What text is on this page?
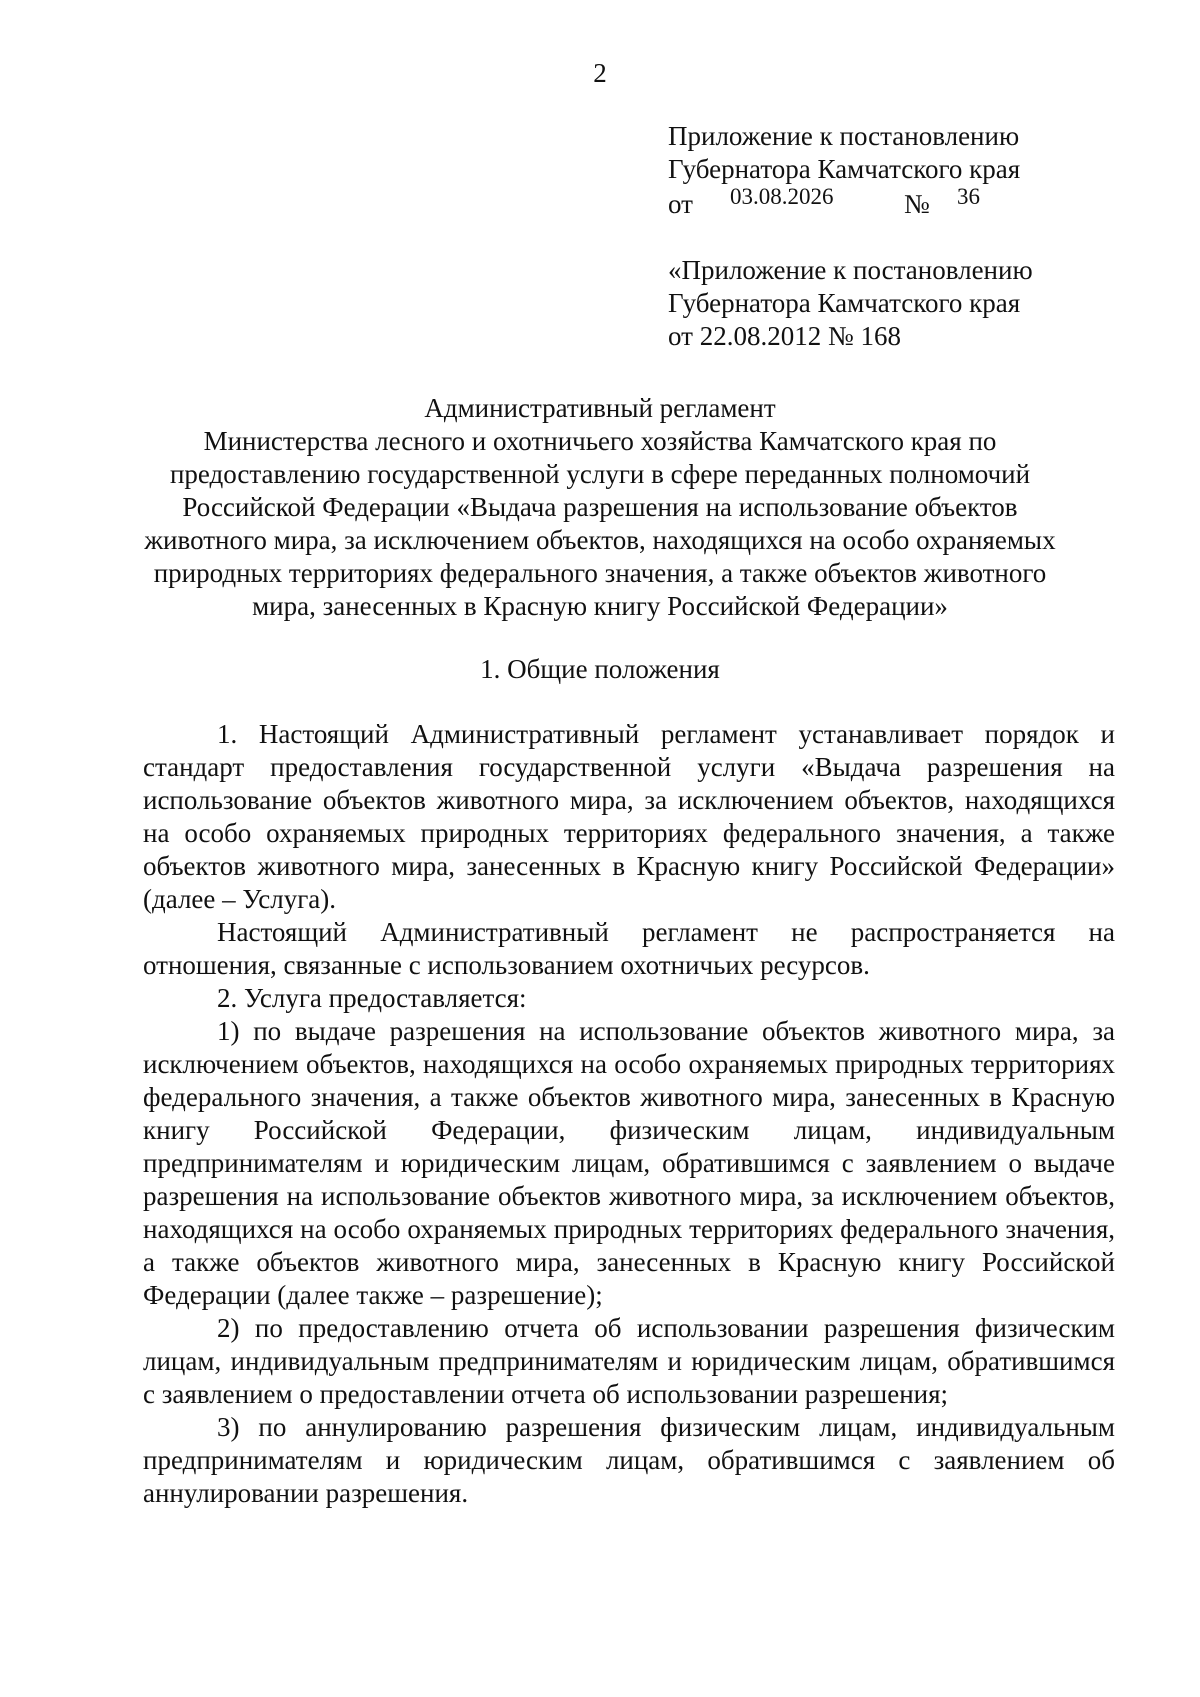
2
Приложение к постановлению
Губернатора Камчатского края
от 03.08.2026	№ 36
«Приложение к постановлению
Губернатора Камчатского края
от 22.08.2012 № 168
Административный регламент
Министерства лесного и охотничьего хозяйства Камчатского края по
предоставлению государственной услуги в сфере переданных полномочий
Российской Федерации «Выдача разрешения на использование объектов
животного мира, за исключением объектов, находящихся на особо охраняемых
природных территориях федерального значения, а также объектов животного
мира, занесенных в Красную книгу Российской Федерации»
1. Общие положения

1. Настоящий Административный регламент устанавливает порядок и стандарт предоставления государственной услуги «Выдача разрешения на использование объектов животного мира, за исключением объектов, находящихся на особо охраняемых природных территориях федерального значения, а также объектов животного мира, занесенных в Красную книгу Российской Федерации» (далее – Услуга).

Настоящий Административный регламент не распространяется на отношения, связанные с использованием охотничьих ресурсов.

2. Услуга предоставляется:

1) по выдаче разрешения на использование объектов животного мира, за исключением объектов, находящихся на особо охраняемых природных территориях федерального значения, а также объектов животного мира, занесенных в Красную книгу Российской Федерации, физическим лицам, индивидуальным предпринимателям и юридическим лицам, обратившимся с заявлением о выдаче разрешения на использование объектов животного мира, за исключением объектов, находящихся на особо охраняемых природных территориях федерального значения, а также объектов животного мира, занесенных в Красную книгу Российской Федерации (далее также – разрешение);

2) по предоставлению отчета об использовании разрешения физическим лицам, индивидуальным предпринимателям и юридическим лицам, обратившимся с заявлением о предоставлении отчета об использовании разрешения;

3) по аннулированию разрешения физическим лицам, индивидуальным предпринимателям и юридическим лицам, обратившимся с заявлением об аннулировании разрешения.
